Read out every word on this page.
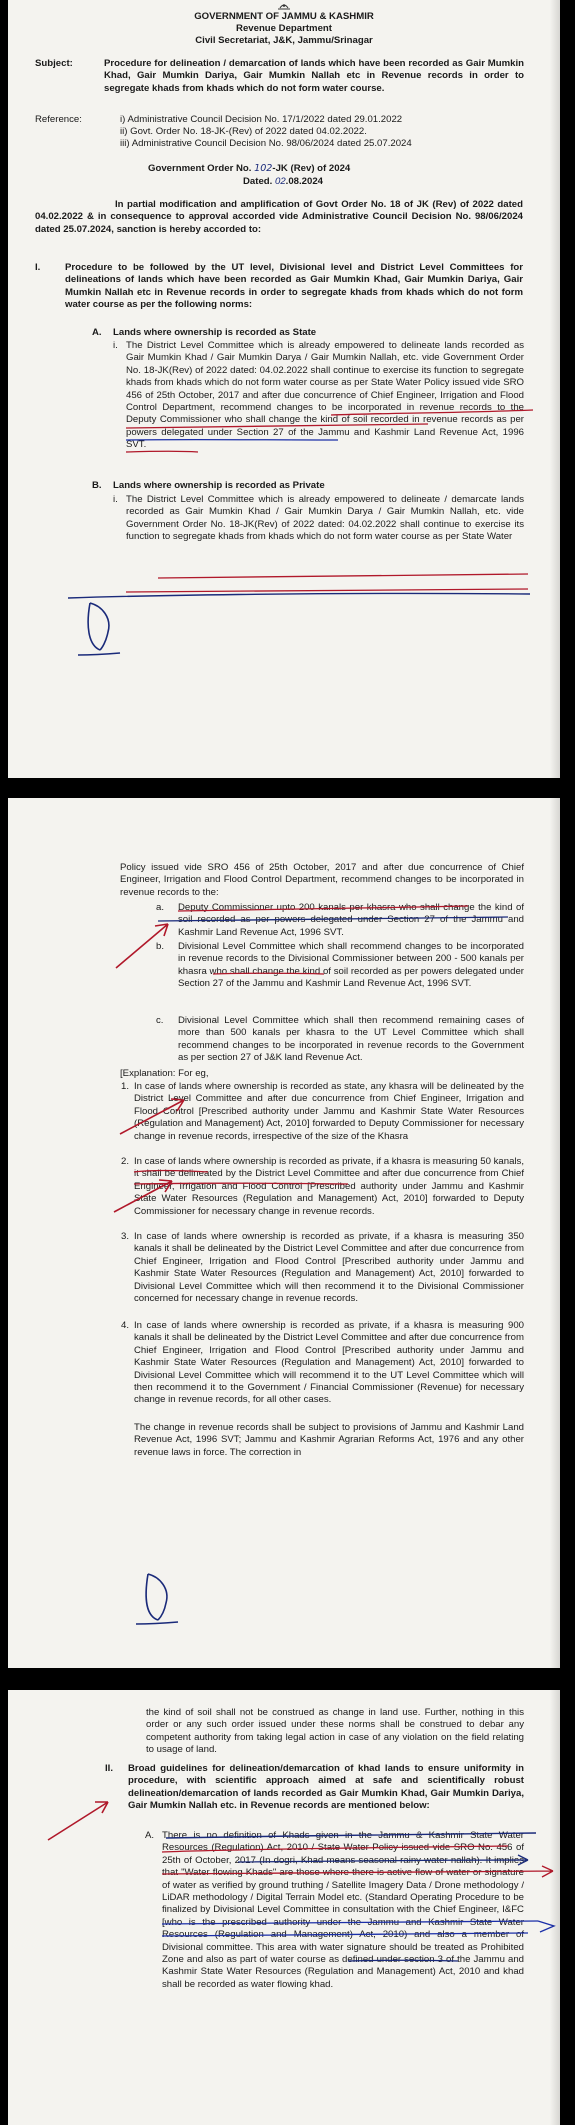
GOVERNMENT OF JAMMU & KASHMIR
Revenue Department
Civil Secretariat, J&K, Jammu/Srinagar
Subject:	Procedure for delineation / demarcation of lands which have been recorded as Gair Mumkin Khad, Gair Mumkin Dariya, Gair Mumkin Nallah etc in Revenue records in order to segregate khads from khads which do not form water course.
Reference:	i) Administrative Council Decision No. 17/1/2022 dated 29.01.2022
ii) Govt. Order No. 18-JK-(Rev) of 2022 dated 04.02.2022.
iii) Administrative Council Decision No. 98/06/2024 dated 25.07.2024
Government Order No. 102-JK (Rev) of 2024
Dated. 02.08.2024
In partial modification and amplification of Govt Order No. 18 of JK (Rev) of 2022 dated 04.02.2022 & in consequence to approval accorded vide Administrative Council Decision No. 98/06/2024 dated 25.07.2024, sanction is hereby accorded to:
I.	Procedure to be followed by the UT level, Divisional level and District Level Committees for delineations of lands which have been recorded as Gair Mumkin Khad, Gair Mumkin Dariya, Gair Mumkin Nallah etc in Revenue records in order to segregate khads from khads which do not form water course as per the following norms:
A. Lands where ownership is recorded as State
i. The District Level Committee which is already empowered to delineate lands recorded as Gair Mumkin Khad / Gair Mumkin Darya / Gair Mumkin Nallah, etc. vide Government Order No. 18-JK(Rev) of 2022 dated: 04.02.2022 shall continue to exercise its function to segregate khads from khads which do not form water course as per State Water Policy issued vide SRO 456 of 25th October, 2017 and after due concurrence of Chief Engineer, Irrigation and Flood Control Department, recommend changes to be incorporated in revenue records to the Deputy Commissioner who shall change the kind of soil recorded in revenue records as per powers delegated under Section 27 of the Jammu and Kashmir Land Revenue Act, 1996 SVT.
B. Lands where ownership is recorded as Private
i. The District Level Committee which is already empowered to delineate / demarcate lands recorded as Gair Mumkin Khad / Gair Mumkin Darya / Gair Mumkin Nallah, etc. vide Government Order No. 18-JK(Rev) of 2022 dated: 04.02.2022 shall continue to exercise its function to segregate khads from khads which do not form water course as per State Water
Policy issued vide SRO 456 of 25th October, 2017 and after due concurrence of Chief Engineer, Irrigation and Flood Control Department, recommend changes to be incorporated in revenue records to the:
a. Deputy Commissioner upto 200 kanals per khasra who shall change the kind of soil recorded as per powers delegated under Section 27 of the Jammu and Kashmir Land Revenue Act, 1996 SVT.
b. Divisional Level Committee which shall recommend changes to be incorporated in revenue records to the Divisional Commissioner between 200 - 500 kanals per khasra who shall change the kind of soil recorded as per powers delegated under Section 27 of the Jammu and Kashmir Land Revenue Act, 1996 SVT.
c. Divisional Level Committee which shall then recommend remaining cases of more than 500 kanals per khasra to the UT Level Committee which shall recommend changes to be incorporated in revenue records to the Government as per section 27 of J&K land Revenue Act.
[Explanation: For eg,
1. In case of lands where ownership is recorded as state, any khasra will be delineated by the District Level Committee and after due concurrence from Chief Engineer, Irrigation and Flood Control [Prescribed authority under Jammu and Kashmir State Water Resources (Regulation and Management) Act, 2010] forwarded to Deputy Commissioner for necessary change in revenue records, irrespective of the size of the Khasra
2. In case of lands where ownership is recorded as private, if a khasra is measuring 50 kanals, it shall be delineated by the District Level Committee and after due concurrence from Chief Engineer, Irrigation and Flood Control [Prescribed authority under Jammu and Kashmir State Water Resources (Regulation and Management) Act, 2010] forwarded to Deputy Commissioner for necessary change in revenue records.
3. In case of lands where ownership is recorded as private, if a khasra is measuring 350 kanals it shall be delineated by the District Level Committee and after due concurrence from Chief Engineer, Irrigation and Flood Control [Prescribed authority under Jammu and Kashmir State Water Resources (Regulation and Management) Act, 2010] forwarded to Divisional Level Committee which will then recommend it to the Divisional Commissioner concerned for necessary change in revenue records.
4. In case of lands where ownership is recorded as private, if a khasra is measuring 900 kanals it shall be delineated by the District Level Committee and after due concurrence from Chief Engineer, Irrigation and Flood Control [Prescribed authority under Jammu and Kashmir State Water Resources (Regulation and Management) Act, 2010] forwarded to Divisional Level Committee which will recommend it to the UT Level Committee which will then recommend it to the Government / Financial Commissioner (Revenue) for necessary change in revenue records, for all other cases.
The change in revenue records shall be subject to provisions of Jammu and Kashmir Land Revenue Act, 1996 SVT; Jammu and Kashmir Agrarian Reforms Act, 1976 and any other revenue laws in force. The correction in
the kind of soil shall not be construed as change in land use. Further, nothing in this order or any such order issued under these norms shall be construed to debar any competent authority from taking legal action in case of any violation on the field relating to usage of land.
II. Broad guidelines for delineation/demarcation of khad lands to ensure uniformity in procedure, with scientific approach aimed at safe and scientifically robust delineation/demarcation of lands recorded as Gair Mumkin Khad, Gair Mumkin Dariya, Gair Mumkin Nallah etc. in Revenue records are mentioned below:
A. There is no definition of Khads given in the Jammu & Kashmir State Water Resources (Regulation) Act, 2010 / State Water Policy issued vide SRO No. 456 of 25th of October, 2017 (In dogri, Khad means seasonal rainy water nallah). It implies that "Water flowing Khads" are those where there is active flow of water or signature of water as verified by ground truthing / Satellite Imagery Data / Drone methodology / LiDAR methodology / Digital Terrain Model etc. (Standard Operating Procedure to be finalized by Divisional Level Committee in consultation with the Chief Engineer, I&FC [who is the prescribed authority under the Jammu and Kashmir State Water Resources (Regulation and Management) Act, 2010) and also a member of Divisional committee. This area with water signature should be treated as Prohibited Zone and also as part of water course as defined under section 3 of the Jammu and Kashmir State Water Resources (Regulation and Management) Act, 2010 and khad shall be recorded as water flowing khad.
